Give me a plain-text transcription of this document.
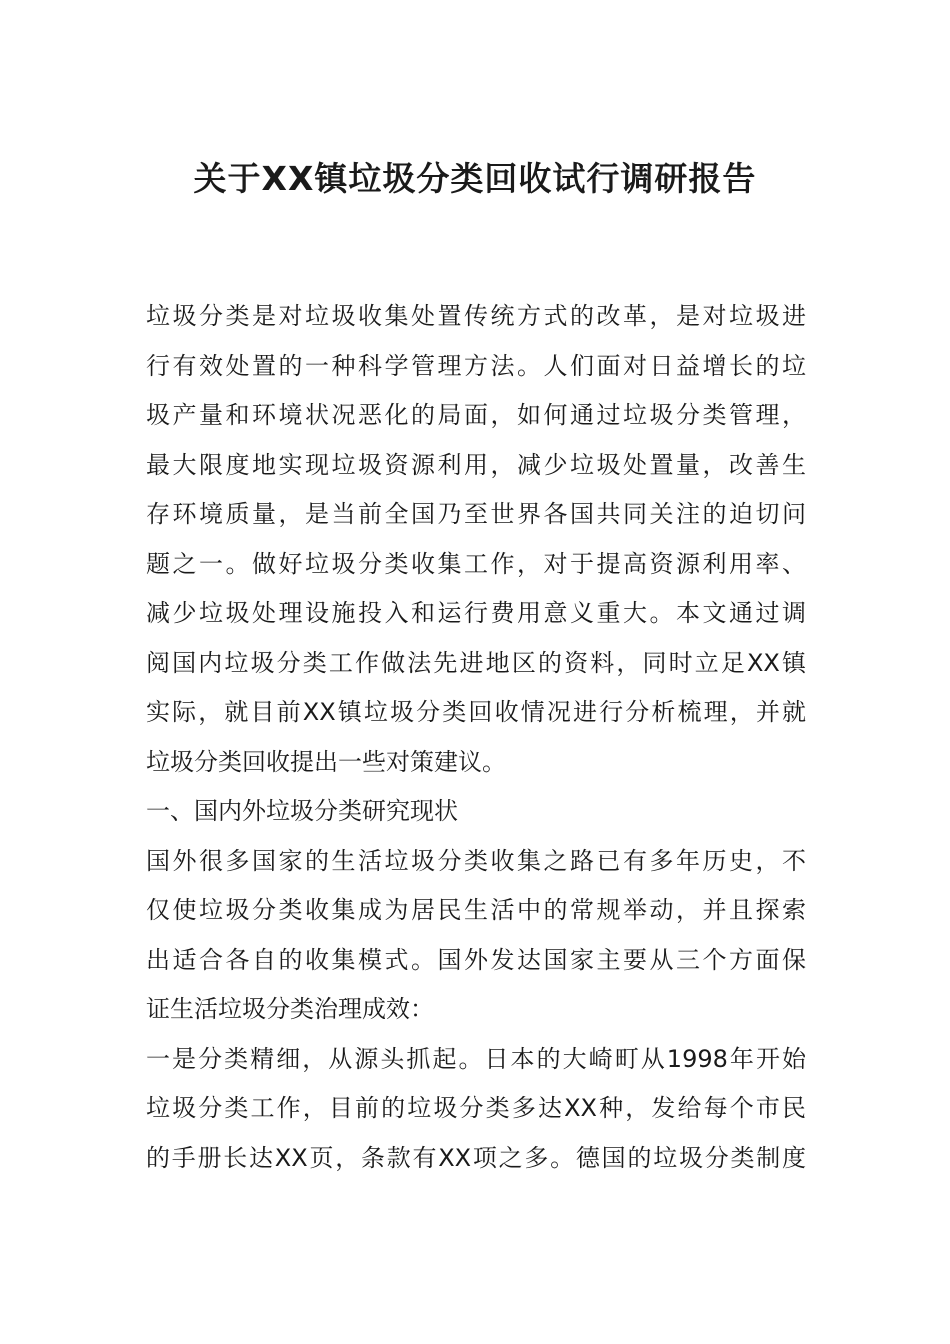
关于XX镇垃圾分类回收试行调研报告
垃圾分类是对垃圾收集处置传统方式的改革，是对垃圾进
行有效处置的一种科学管理方法。人们面对日益增长的垃
圾产量和环境状况恶化的局面，如何通过垃圾分类管理，
最大限度地实现垃圾资源利用，减少垃圾处置量，改善生
存环境质量，是当前全国乃至世界各国共同关注的迫切问
题之一。做好垃圾分类收集工作，对于提高资源利用率、
减少垃圾处理设施投入和运行费用意义重大。本文通过调
阅国内垃圾分类工作做法先进地区的资料，同时立足XX镇
实际，就目前XX镇垃圾分类回收情况进行分析梳理，并就
垃圾分类回收提出一些对策建议。
一、国内外垃圾分类研究现状
国外很多国家的生活垃圾分类收集之路已有多年历史，不
仅使垃圾分类收集成为居民生活中的常规举动，并且探索
出适合各自的收集模式。国外发达国家主要从三个方面保
证生活垃圾分类治理成效：
一是分类精细，从源头抓起。日本的大崎町从1998年开始
垃圾分类工作，目前的垃圾分类多达XX种，发给每个市民
的手册长达XX页，条款有XX项之多。德国的垃圾分类制度
